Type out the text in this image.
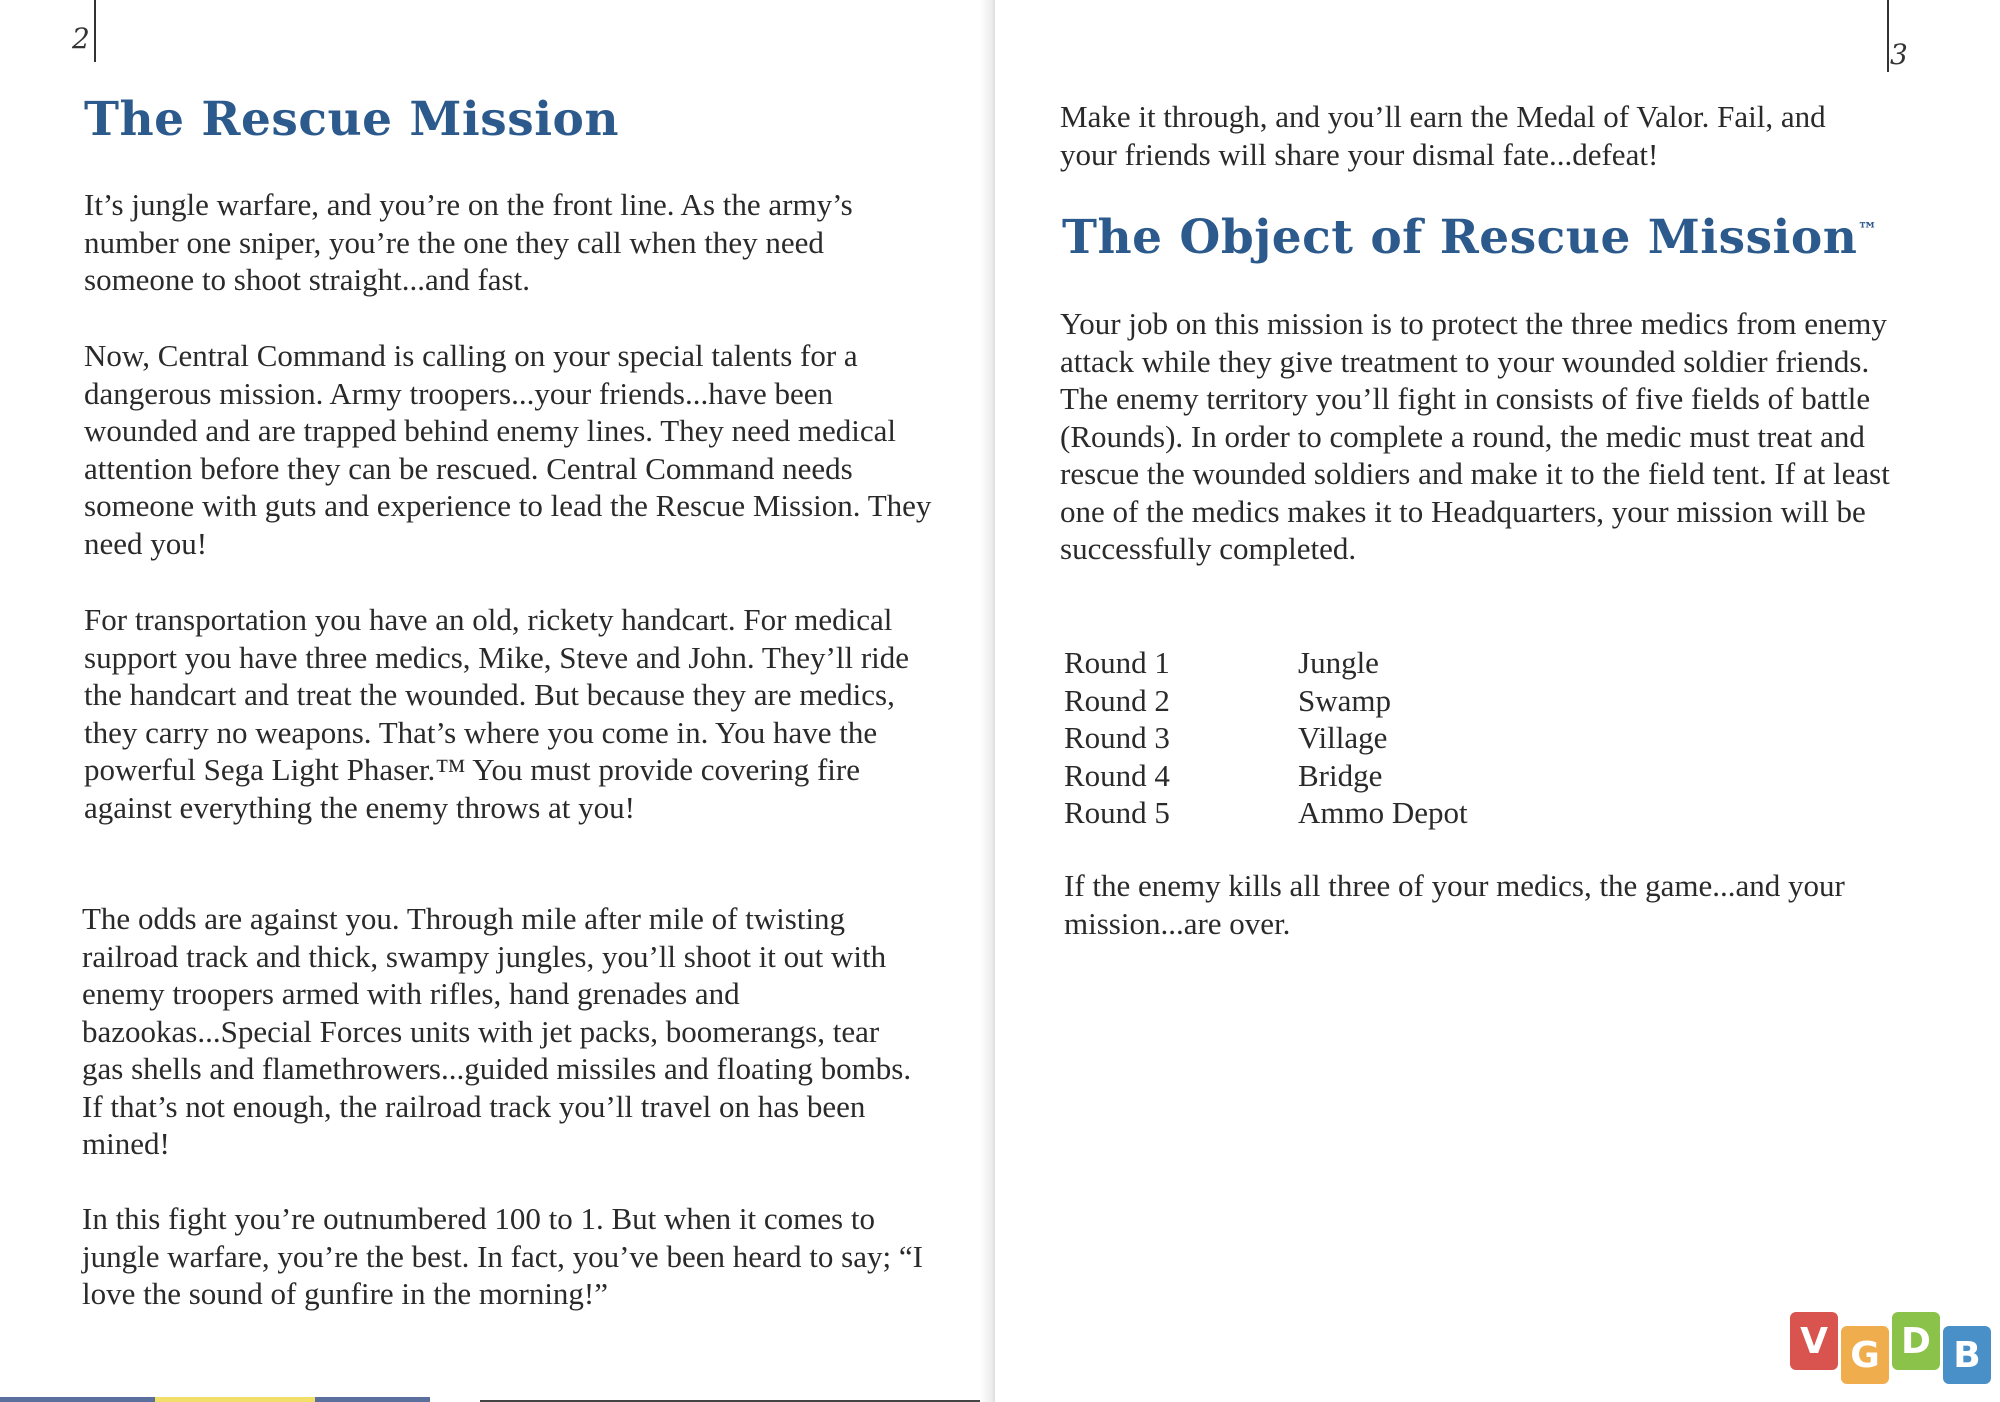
2
The Rescue Mission

It’s jungle warfare, and you’re on the front line. As the army’s number one sniper, you’re the one they call when they need someone to shoot straight...and fast.

Now, Central Command is calling on your special talents for a dangerous mission. Army troopers...your friends...have been wounded and are trapped behind enemy lines. They need medical attention before they can be rescued. Central Command needs someone with guts and experience to lead the Rescue Mission. They need you!

For transportation you have an old, rickety handcart. For medical support you have three medics, Mike, Steve and John. They’ll ride the handcart and treat the wounded. But because they are medics, they carry no weapons. That’s where you come in. You have the powerful Sega Light Phaser.™ You must provide covering fire against everything the enemy throws at you!

The odds are against you. Through mile after mile of twisting railroad track and thick, swampy jungles, you’ll shoot it out with enemy troopers armed with rifles, hand grenades and bazookas...Special Forces units with jet packs, boomerangs, tear gas shells and flamethrowers...guided missiles and floating bombs. If that’s not enough, the railroad track you’ll travel on has been mined!

In this fight you’re outnumbered 100 to 1. But when it comes to jungle warfare, you’re the best. In fact, you’ve been heard to say; “I love the sound of gunfire in the morning!”

3

Make it through, and you’ll earn the Medal of Valor. Fail, and your friends will share your dismal fate...defeat!

The Object of Rescue Mission™

Your job on this mission is to protect the three medics from enemy attack while they give treatment to your wounded soldier friends. The enemy territory you’ll fight in consists of five fields of battle (Rounds). In order to complete a round, the medic must treat and rescue the wounded soldiers and make it to the field tent. If at least one of the medics makes it to Headquarters, your mission will be successfully completed.

Round 1	Jungle
Round 2	Swamp
Round 3	Village
Round 4	Bridge
Round 5	Ammo Depot

If the enemy kills all three of your medics, the game...and your mission...are over.

V G D B
